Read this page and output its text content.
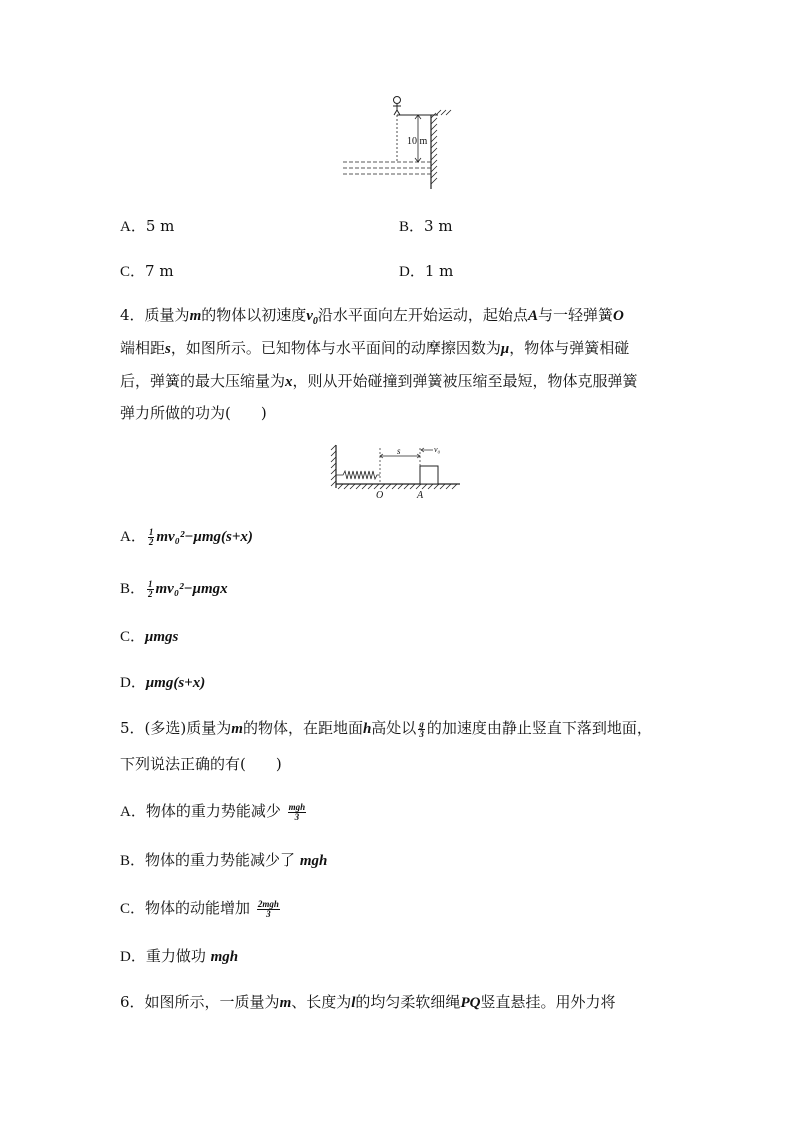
10 m
A．5 m	B．3 m
C．7 m	D．1 m
4．质量为m的物体以初速度$v_0$沿水平面向左开始运动，起始点A与一轻弹簧O
端相距s，如图所示。已知物体与水平面间的动摩擦因数为μ，物体与弹簧相碰
后，弹簧的最大压缩量为x，则从开始碰撞到弹簧被压缩至最短，物体克服弹簧
弹力所做的功为(　　)
s	v₀
O	A
A． $\frac{1}{2} mv_0^2-\mu mg(s+x)$
B． $\frac{1}{2} mv_0^2-\mu mgx$
C．μmgs
D．μmg(s+x)
5．(多选)质量为m的物体，在距地面h高处以 $\frac{g}{3}$ 的加速度由静止竖直下落到地面，
下列说法正确的有(　　)
A．物体的重力势能减少 $\frac{\text{mgh}}{3}$
B．物体的重力势能减少了 mgh
C．物体的动能增加 $\frac{\text{2mgh}}{3}$
D．重力做功 mgh
6．如图所示，一质量为m、长度为l的均匀柔软细绳PQ竖直悬挂。用外力将
